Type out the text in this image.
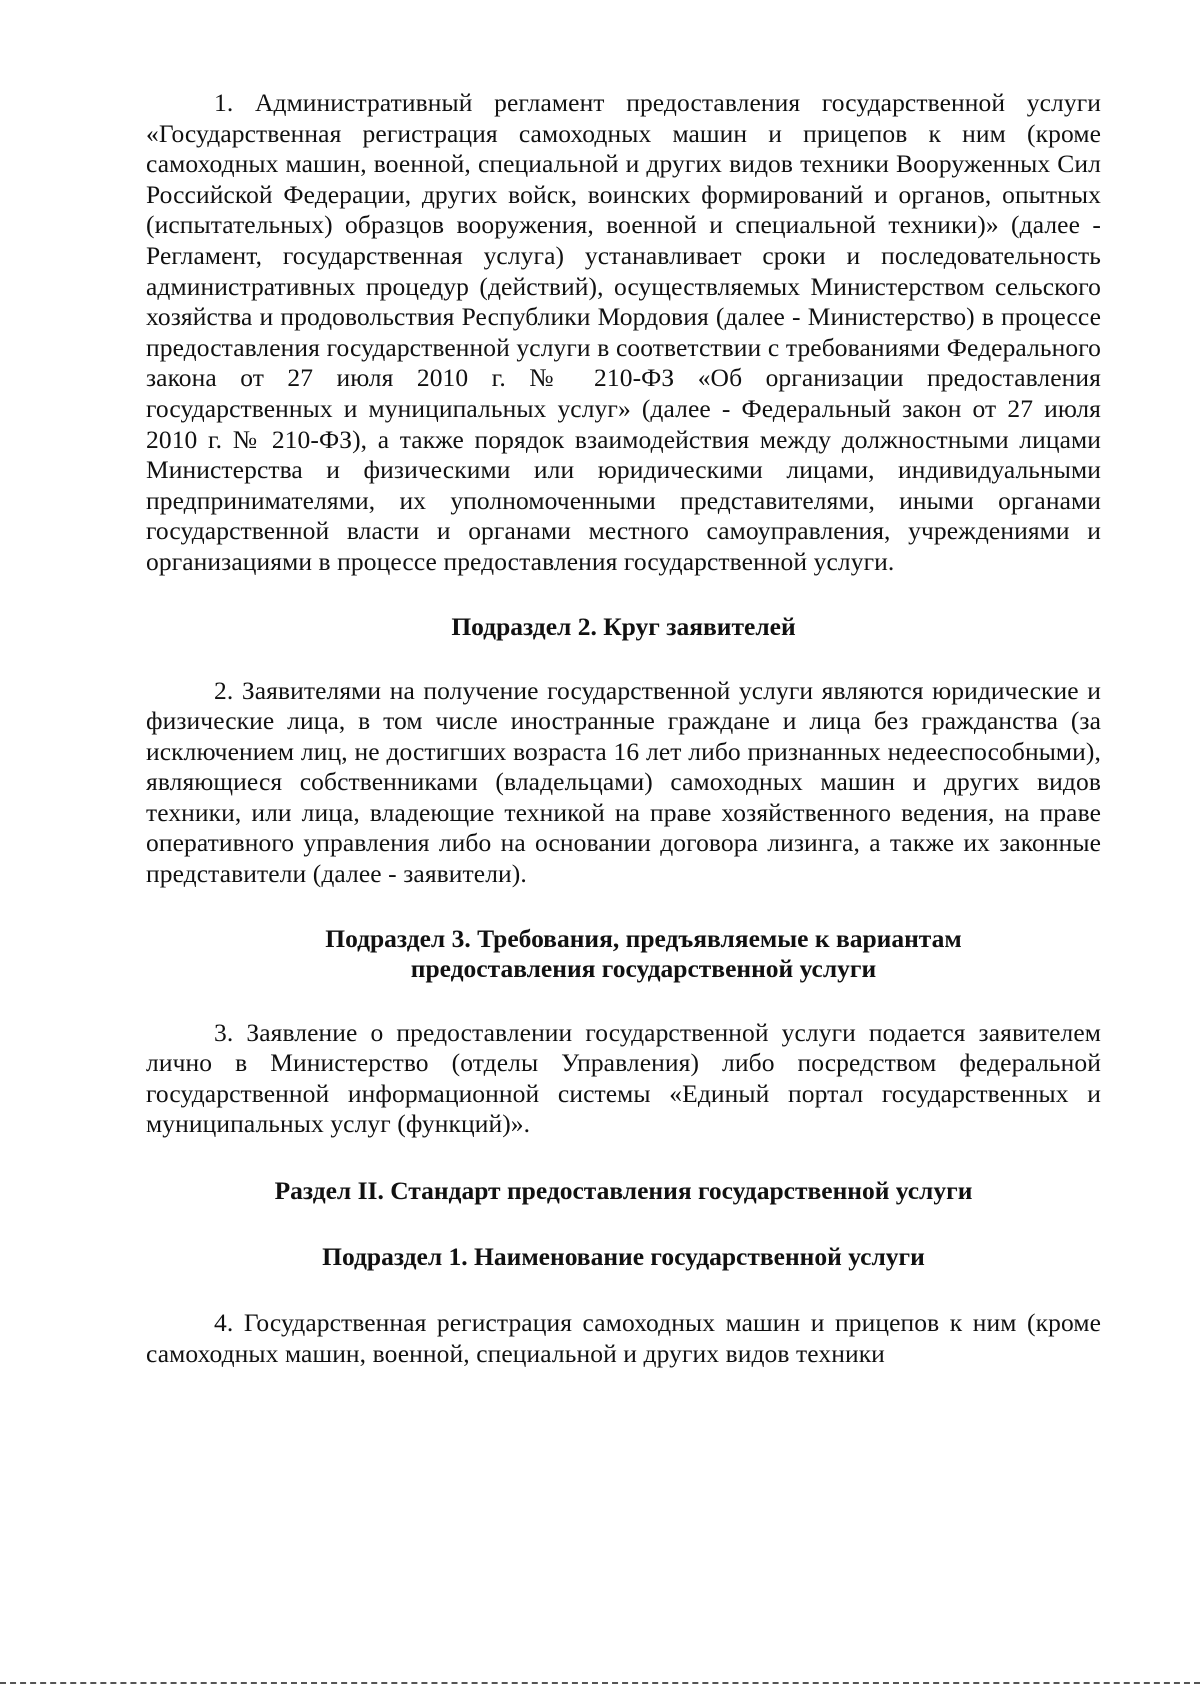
1. Административный регламент предоставления государственной услуги «Государственная регистрация самоходных машин и прицепов к ним (кроме самоходных машин, военной, специальной и других видов техники Вооруженных Сил Российской Федерации, других войск, воинских формирований и органов, опытных (испытательных) образцов вооружения, военной и специальной техники)» (далее - Регламент, государственная услуга) устанавливает сроки и последовательность административных процедур (действий), осуществляемых Министерством сельского хозяйства и продовольствия Республики Мордовия (далее - Министерство) в процессе предоставления государственной услуги в соответствии с требованиями Федерального закона от 27 июля 2010 г. № 210-ФЗ «Об организации предоставления государственных и муниципальных услуг» (далее - Федеральный закон от 27 июля 2010 г. № 210-ФЗ), а также порядок взаимодействия между должностными лицами Министерства и физическими или юридическими лицами, индивидуальными предпринимателями, их уполномоченными представителями, иными органами государственной власти и органами местного самоуправления, учреждениями и организациями в процессе предоставления государственной услуги.

Подраздел 2. Круг заявителей

2. Заявителями на получение государственной услуги являются юридические и физические лица, в том числе иностранные граждане и лица без гражданства (за исключением лиц, не достигших возраста 16 лет либо признанных недееспособными), являющиеся собственниками (владельцами) самоходных машин и других видов техники, или лица, владеющие техникой на праве хозяйственного ведения, на праве оперативного управления либо на основании договора лизинга, а также их законные представители (далее - заявители).

Подраздел 3. Требования, предъявляемые к вариантам
предоставления государственной услуги

3. Заявление о предоставлении государственной услуги подается заявителем лично в Министерство (отделы Управления) либо посредством федеральной государственной информационной системы «Единый портал государственных и муниципальных услуг (функций)».

Раздел II. Стандарт предоставления государственной услуги
Подраздел 1. Наименование государственной услуги

4. Государственная регистрация самоходных машин и прицепов к ним (кроме самоходных машин, военной, специальной и других видов техники
